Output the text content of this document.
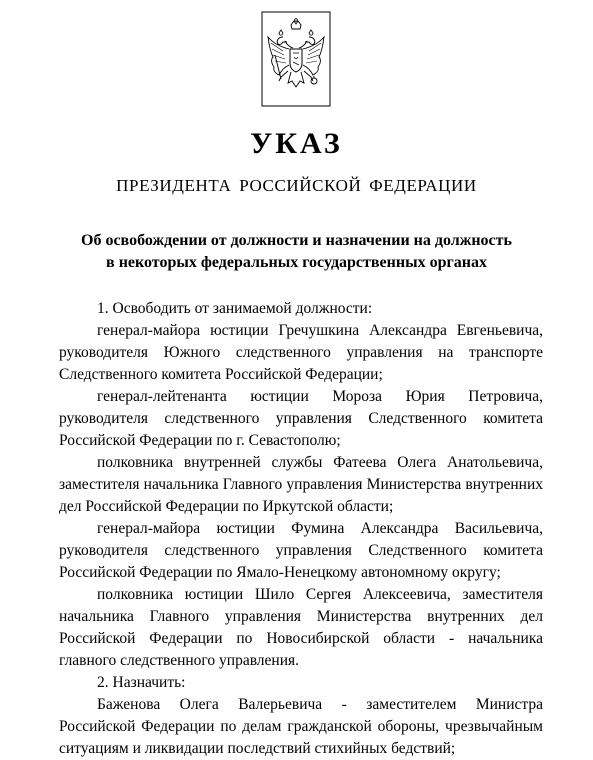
УКАЗ
ПРЕЗИДЕНТА РОССИЙСКОЙ ФЕДЕРАЦИИ
Об освобождении от должности и назначении на должность
в некоторых федеральных государственных органах

1. Освободить от занимаемой должности:

генерал-майора юстиции Гречушкина Александра Евгеньевича, руководителя Южного следственного управления на транспорте Следственного комитета Российской Федерации;

генерал-лейтенанта юстиции Мороза Юрия Петровича, руководителя следственного управления Следственного комитета Российской Федерации по г. Севастополю;

полковника внутренней службы Фатеева Олега Анатольевича, заместителя начальника Главного управления Министерства внутренних дел Российской Федерации по Иркутской области;

генерал-майора юстиции Фумина Александра Васильевича, руководителя следственного управления Следственного комитета Российской Федерации по Ямало-Ненецкому автономному округу;

полковника юстиции Шило Сергея Алексеевича, заместителя начальника Главного управления Министерства внутренних дел Российской Федерации по Новосибирской области - начальника главного следственного управления.

2. Назначить:

Баженова Олега Валерьевича - заместителем Министра Российской Федерации по делам гражданской обороны, чрезвычайным ситуациям и ликвидации последствий стихийных бедствий;
